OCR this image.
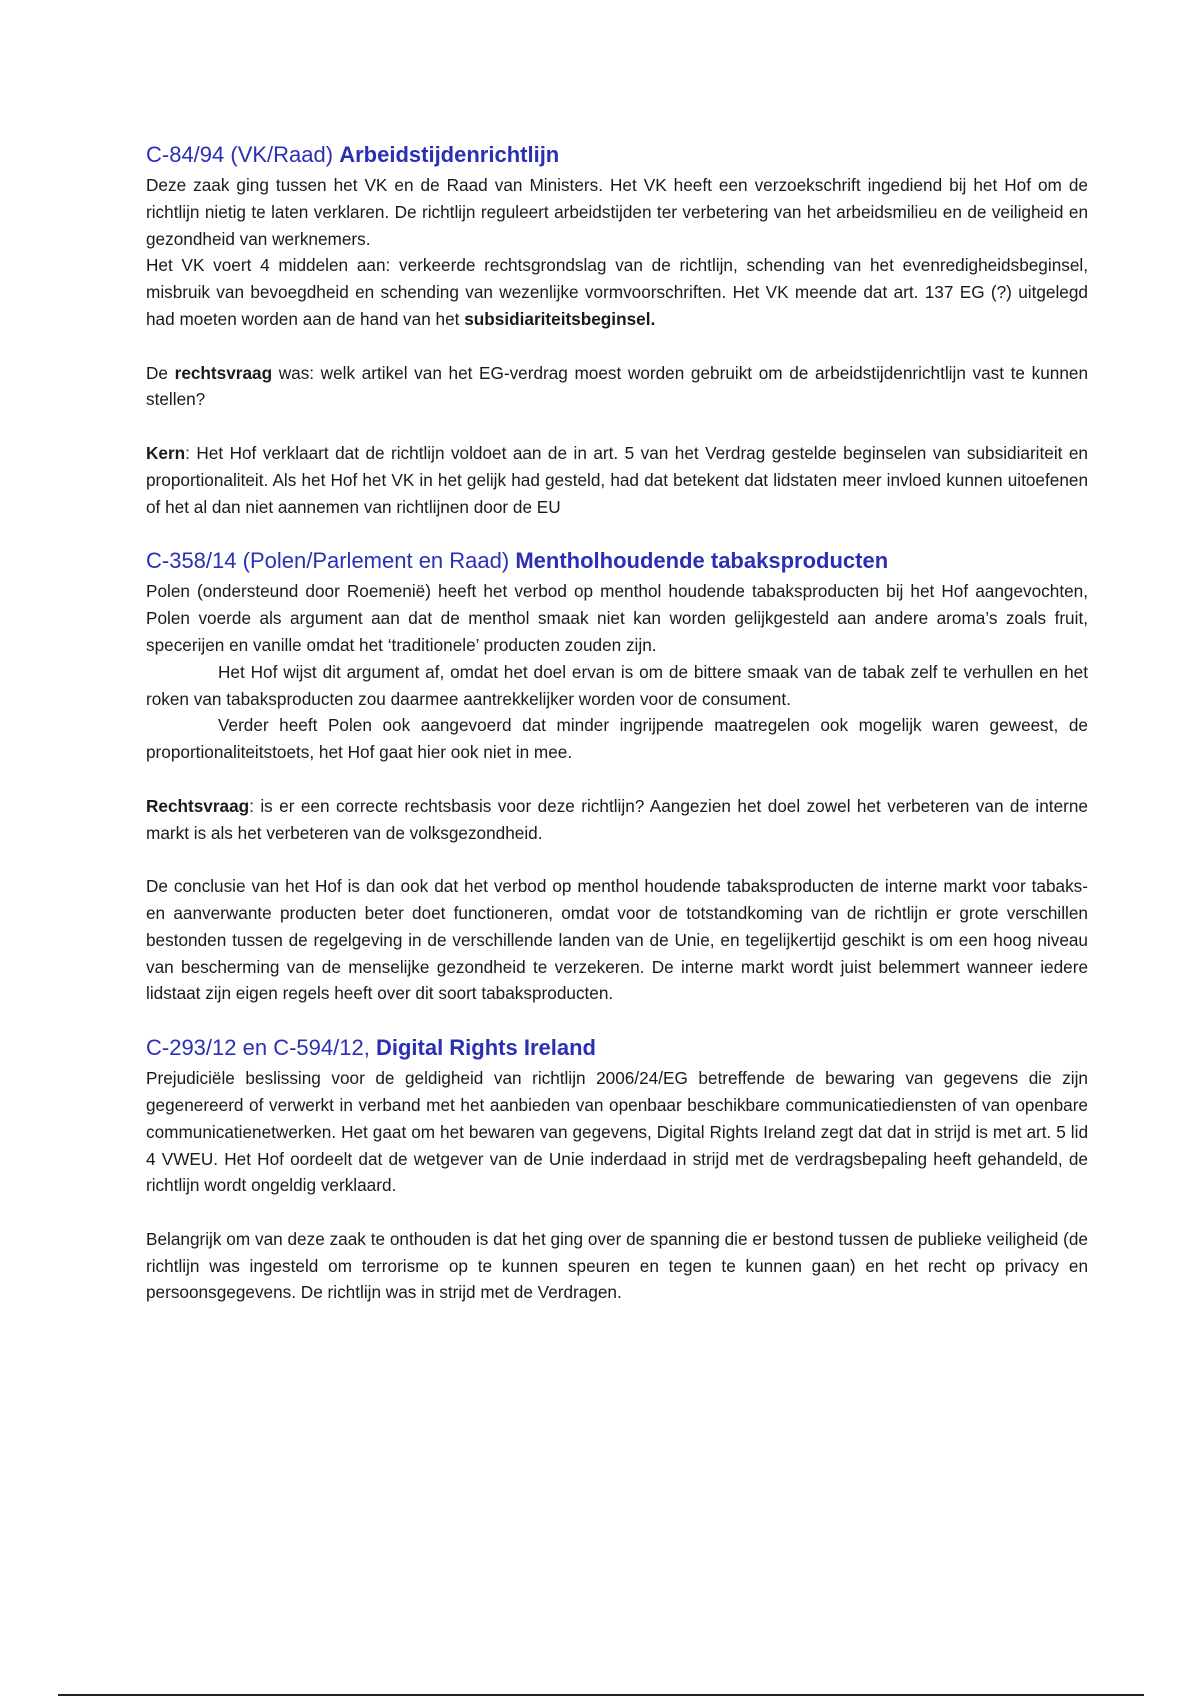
C-84/94 (VK/Raad) Arbeidstijdenrichtlijn

Deze zaak ging tussen het VK en de Raad van Ministers. Het VK heeft een verzoekschrift ingediend bij het Hof om de richtlijn nietig te laten verklaren. De richtlijn reguleert arbeidstijden ter verbetering van het arbeidsmilieu en de veiligheid en gezondheid van werknemers.

Het VK voert 4 middelen aan: verkeerde rechtsgrondslag van de richtlijn, schending van het evenredigheidsbeginsel, misbruik van bevoegdheid en schending van wezenlijke vormvoorschriften. Het VK meende dat art. 137 EG (?) uitgelegd had moeten worden aan de hand van het subsidiariteitsbeginsel.

De rechtsvraag was: welk artikel van het EG-verdrag moest worden gebruikt om de arbeidstijdenrichtlijn vast te kunnen stellen?

Kern: Het Hof verklaart dat de richtlijn voldoet aan de in art. 5 van het Verdrag gestelde beginselen van subsidiariteit en proportionaliteit. Als het Hof het VK in het gelijk had gesteld, had dat betekent dat lidstaten meer invloed kunnen uitoefenen of het al dan niet aannemen van richtlijnen door de EU

C-358/14 (Polen/Parlement en Raad) Mentholhoudende tabaksproducten

Polen (ondersteund door Roemenië) heeft het verbod op menthol houdende tabaksproducten bij het Hof aangevochten, Polen voerde als argument aan dat de menthol smaak niet kan worden gelijkgesteld aan andere aroma’s zoals fruit, specerijen en vanille omdat het ‘traditionele’ producten zouden zijn.

Het Hof wijst dit argument af, omdat het doel ervan is om de bittere smaak van de tabak zelf te verhullen en het roken van tabaksproducten zou daarmee aantrekkelijker worden voor de consument.

Verder heeft Polen ook aangevoerd dat minder ingrijpende maatregelen ook mogelijk waren geweest, de proportionaliteitstoets, het Hof gaat hier ook niet in mee.

Rechtsvraag: is er een correcte rechtsbasis voor deze richtlijn? Aangezien het doel zowel het verbeteren van de interne markt is als het verbeteren van de volksgezondheid.

De conclusie van het Hof is dan ook dat het verbod op menthol houdende tabaksproducten de interne markt voor tabaks- en aanverwante producten beter doet functioneren, omdat voor de totstandkoming van de richtlijn er grote verschillen bestonden tussen de regelgeving in de verschillende landen van de Unie, en tegelijkertijd geschikt is om een hoog niveau van bescherming van de menselijke gezondheid te verzekeren. De interne markt wordt juist belemmert wanneer iedere lidstaat zijn eigen regels heeft over dit soort tabaksproducten.

C-293/12 en C-594/12, Digital Rights Ireland

Prejudiciële beslissing voor de geldigheid van richtlijn 2006/24/EG betreffende de bewaring van gegevens die zijn gegenereerd of verwerkt in verband met het aanbieden van openbaar beschikbare communicatiediensten of van openbare communicatienetwerken. Het gaat om het bewaren van gegevens, Digital Rights Ireland zegt dat dat in strijd is met art. 5 lid 4 VWEU. Het Hof oordeelt dat de wetgever van de Unie inderdaad in strijd met de verdragsbepaling heeft gehandeld, de richtlijn wordt ongeldig verklaard.

Belangrijk om van deze zaak te onthouden is dat het ging over de spanning die er bestond tussen de publieke veiligheid (de richtlijn was ingesteld om terrorisme op te kunnen speuren en tegen te kunnen gaan) en het recht op privacy en persoonsgegevens. De richtlijn was in strijd met de Verdragen.
